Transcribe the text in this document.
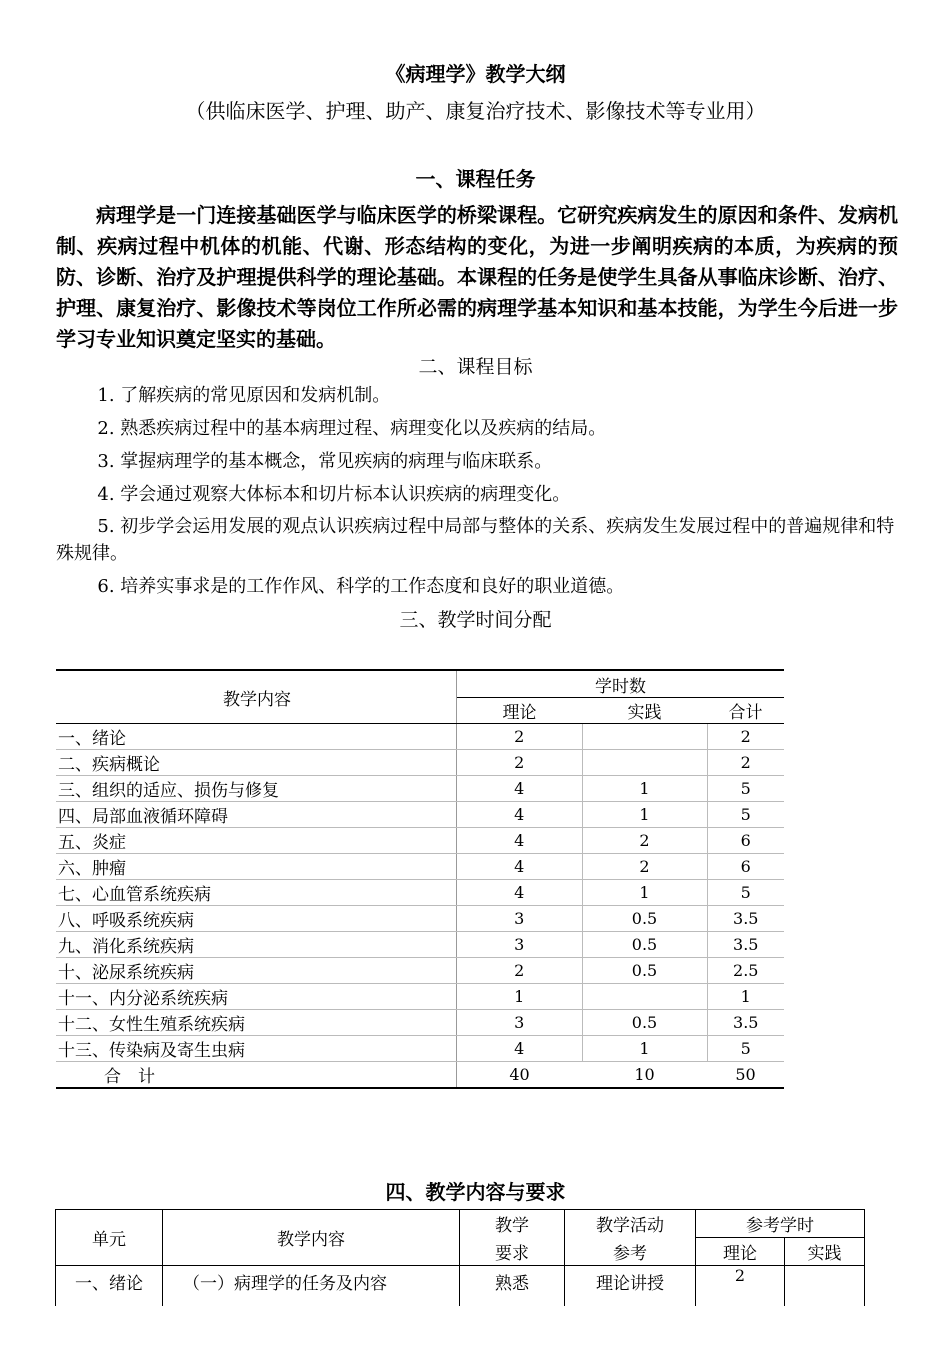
《病理学》教学大纲
（供临床医学、护理、助产、康复治疗技术、影像技术等专业用）
一、课程任务

病理学是一门连接基础医学与临床医学的桥梁课程。它研究疾病发生的原因和条件、发病机制、疾病过程中机体的机能、代谢、形态结构的变化，为进一步阐明疾病的本质，为疾病的预防、诊断、治疗及护理提供科学的理论基础。本课程的任务是使学生具备从事临床诊断、治疗、护理、康复治疗、影像技术等岗位工作所必需的病理学基本知识和基本技能，为学生今后进一步学习专业知识奠定坚实的基础。

二、课程目标

1. 了解疾病的常见原因和发病机制。

2. 熟悉疾病过程中的基本病理过程、病理变化以及疾病的结局。

3. 掌握病理学的基本概念，常见疾病的病理与临床联系。

4. 学会通过观察大体标本和切片标本认识疾病的病理变化。

5. 初步学会运用发展的观点认识疾病过程中局部与整体的关系、疾病发生发展过程中的普遍规律和特殊规律。

6. 培养实事求是的工作作风、科学的工作态度和良好的职业道德。

三、教学时间分配
教学内容	学时数		
	理论	实践	合计
一、绪论	2		2
二、疾病概论	2		2
三、组织的适应、损伤与修复	4	1	5
四、局部血液循环障碍	4	1	5
五、炎症	4	2	6
六、肿瘤	4	2	6
七、心血管系统疾病	4	1	5
八、呼吸系统疾病	3	0.5	3.5
九、消化系统疾病	3	0.5	3.5
十、泌尿系统疾病	2	0.5	2.5
十一、内分泌系统疾病	1		1
十二、女性生殖系统疾病	3	0.5	3.5
十三、传染病及寄生虫病	4	1	5
合　计	40	10	50
四、教学内容与要求
单元	教学内容	教学	教学活动	参考学时	
		要求	参考	理论	实践
一、绪论	（一）病理学的任务及内容	熟悉	理论讲授	2	
